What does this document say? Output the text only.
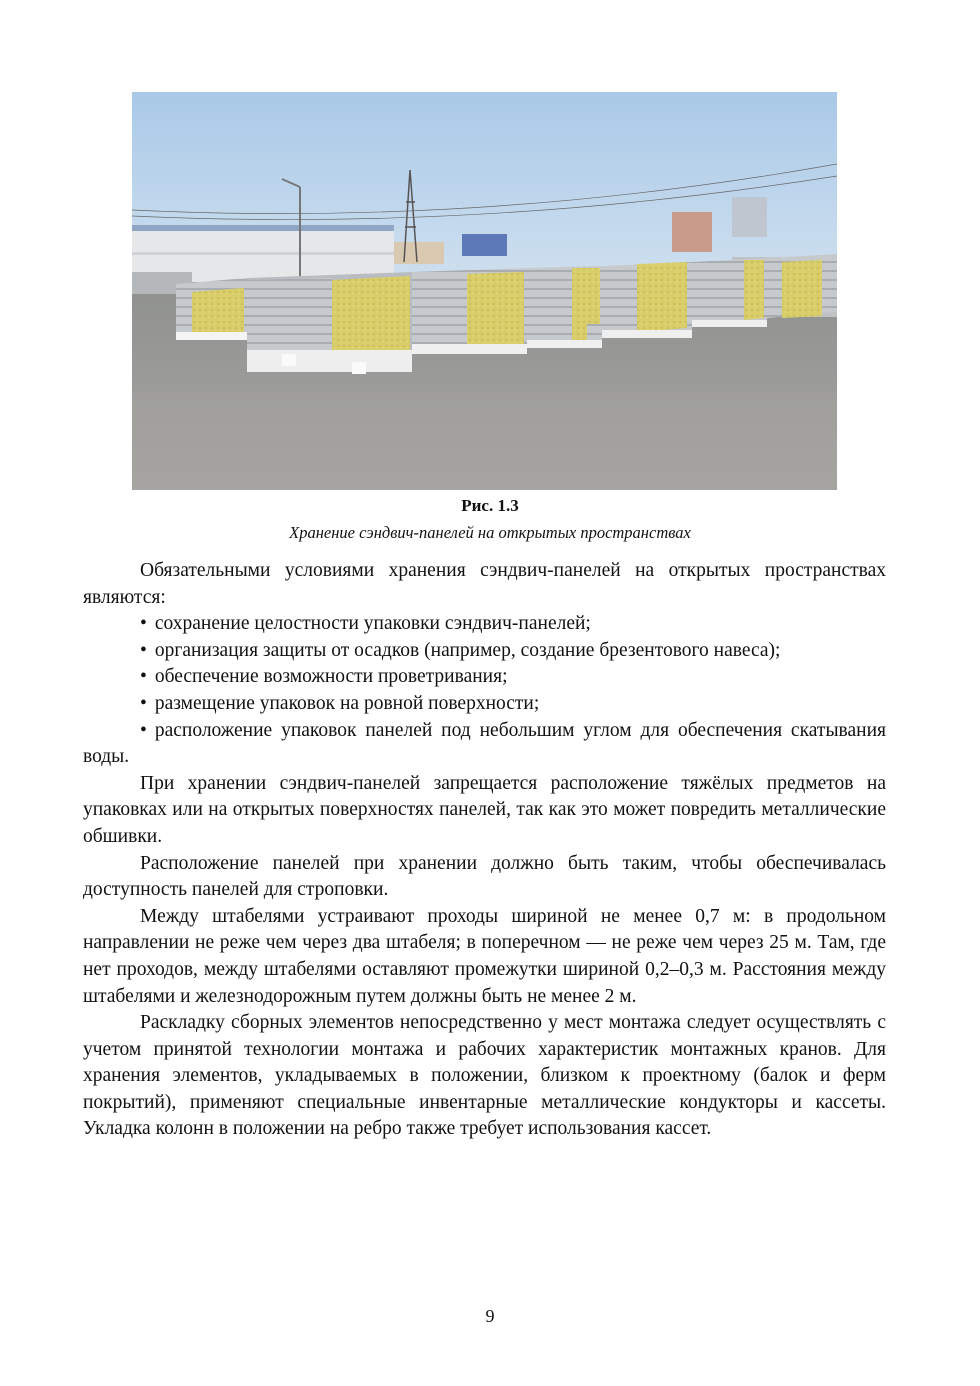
Рис. 1.3
Хранение сэндвич-панелей на открытых пространствах

Обязательными условиями хранения сэндвич-панелей на открытых пространствах являются:

• сохранение целостности упаковки сэндвич-панелей;
• организация защиты от осадков (например, создание брезентового навеса);
• обеспечение возможности проветривания;
• размещение упаковок на ровной поверхности;
• расположение упаковок панелей под небольшим углом для обеспечения скатывания воды.

При хранении сэндвич-панелей запрещается расположение тяжёлых предметов на упаковках или на открытых поверхностях панелей, так как это может повредить металлические обшивки.

Расположение панелей при хранении должно быть таким, чтобы обеспечивалась доступность панелей для строповки.

Между штабелями устраивают проходы шириной не менее 0,7 м: в продольном направлении не реже чем через два штабеля; в поперечном — не реже чем через 25 м. Там, где нет проходов, между штабелями оставляют промежутки шириной 0,2–0,3 м. Расстояния между штабелями и железнодорожным путем должны быть не менее 2 м.

Раскладку сборных элементов непосредственно у мест монтажа следует осуществлять с учетом принятой технологии монтажа и рабочих характеристик монтажных кранов. Для хранения элементов, укладываемых в положении, близком к проектному (балок и ферм покрытий), применяют специальные инвентарные металлические кондукторы и кассеты. Укладка колонн в положении на ребро также требует использования кассет.

9
